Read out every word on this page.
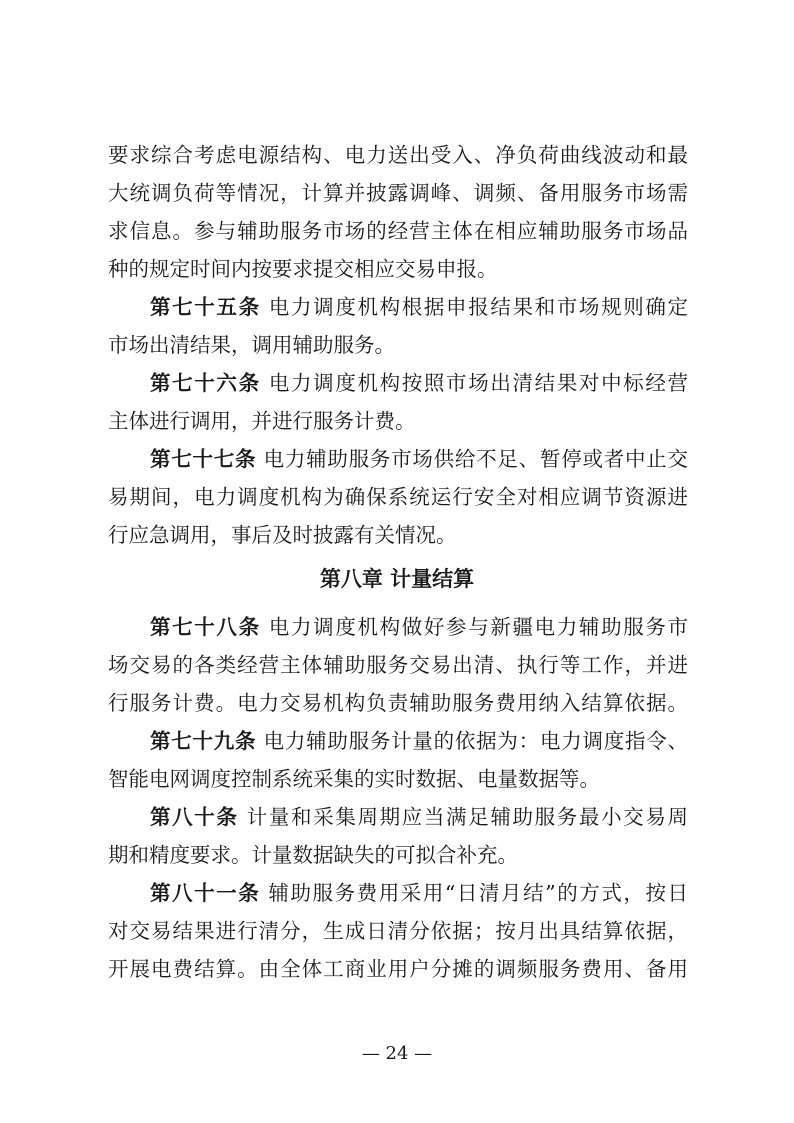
要求综合考虑电源结构、电力送出受入、净负荷曲线波动和最
大统调负荷等情况，计算并披露调峰、调频、备用服务市场需
求信息。参与辅助服务市场的经营主体在相应辅助服务市场品
种的规定时间内按要求提交相应交易申报。
第七十五条 电力调度机构根据申报结果和市场规则确定
市场出清结果，调用辅助服务。
第七十六条 电力调度机构按照市场出清结果对中标经营
主体进行调用，并进行服务计费。
第七十七条 电力辅助服务市场供给不足、暂停或者中止交
易期间，电力调度机构为确保系统运行安全对相应调节资源进
行应急调用，事后及时披露有关情况。
第八章 计量结算
第七十八条 电力调度机构做好参与新疆电力辅助服务市
场交易的各类经营主体辅助服务交易出清、执行等工作，并进
行服务计费。电力交易机构负责辅助服务费用纳入结算依据。
第七十九条 电力辅助服务计量的依据为：电力调度指令、
智能电网调度控制系统采集的实时数据、电量数据等。
第八十条 计量和采集周期应当满足辅助服务最小交易周
期和精度要求。计量数据缺失的可拟合补充。
第八十一条 辅助服务费用采用“日清月结”的方式，按日
对交易结果进行清分，生成日清分依据；按月出具结算依据，
开展电费结算。由全体工商业用户分摊的调频服务费用、备用
— 24 —
